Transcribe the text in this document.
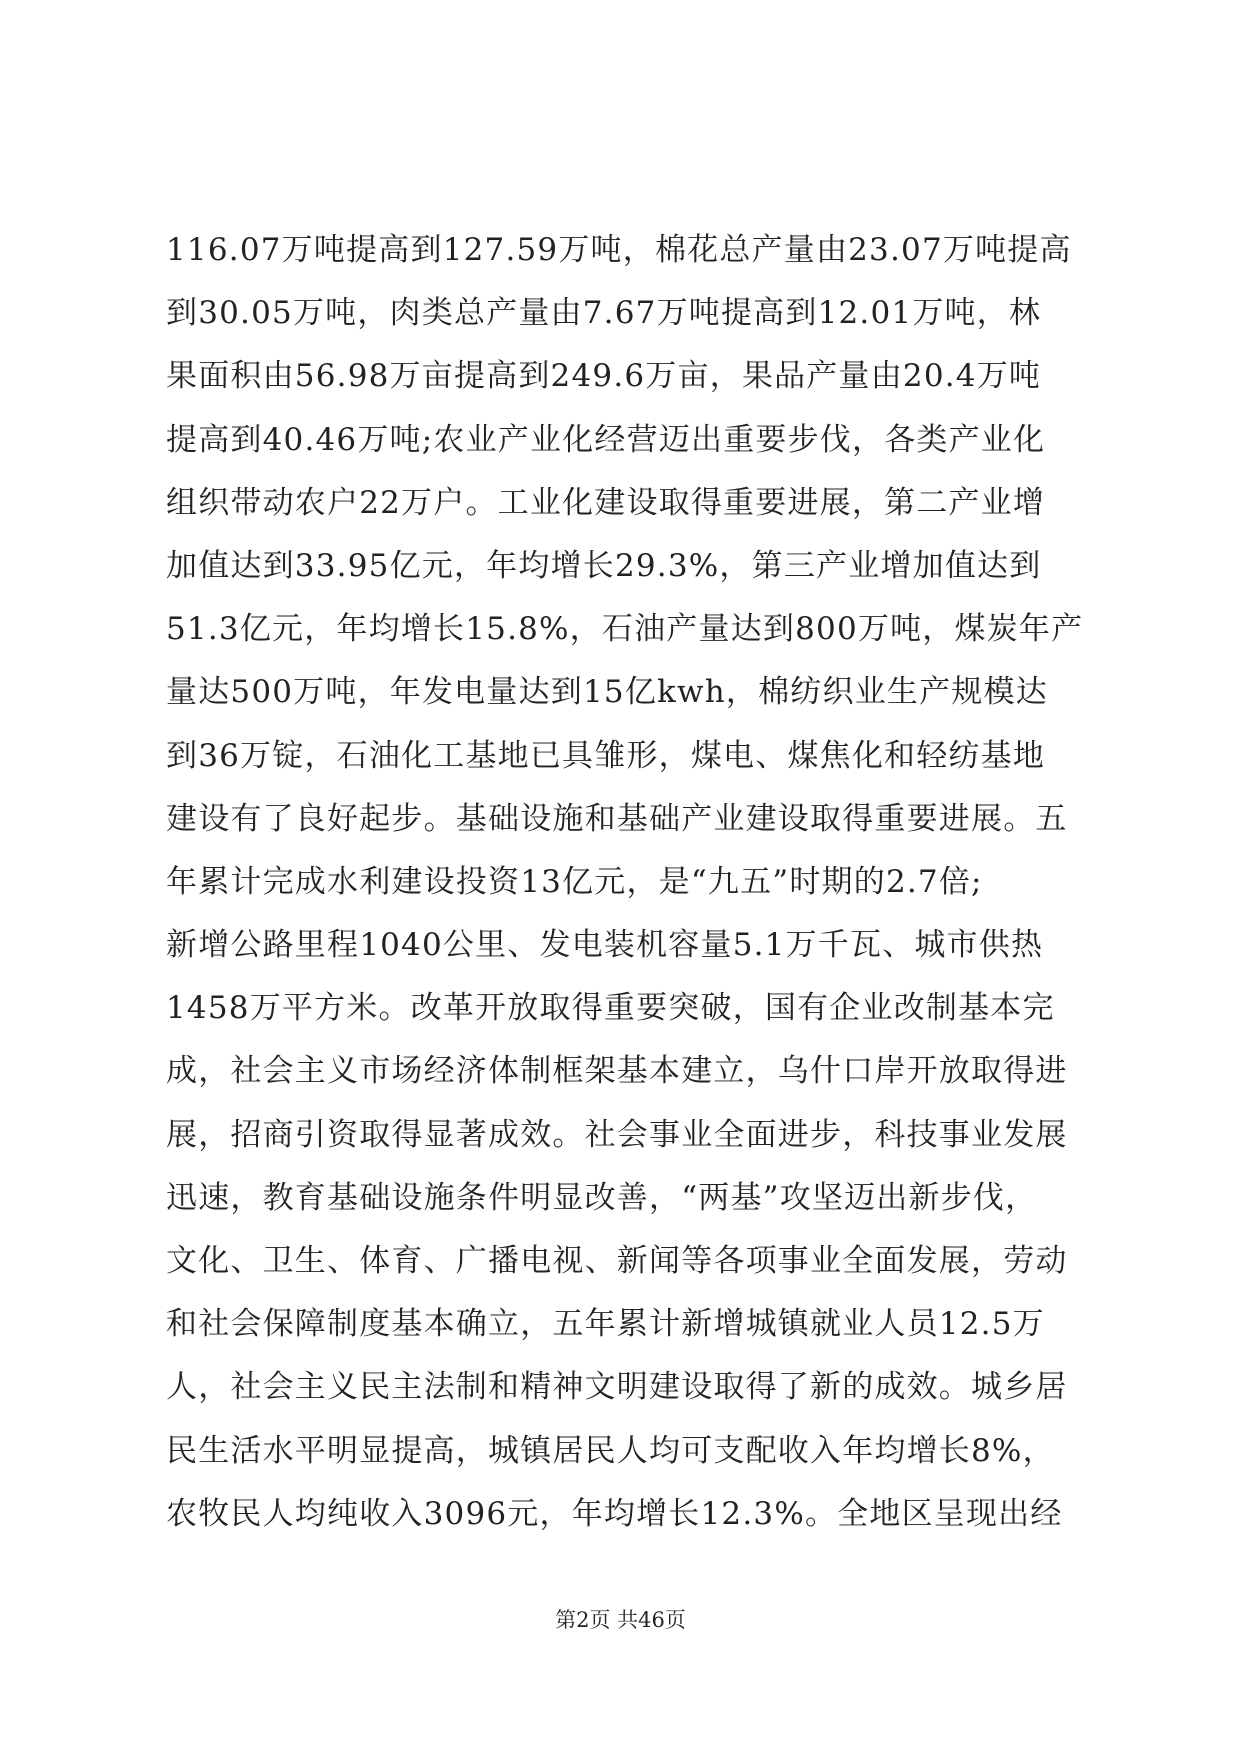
116.07万吨提高到127.59万吨，棉花总产量由23.07万吨提高
到30.05万吨，肉类总产量由7.67万吨提高到12.01万吨，林
果面积由56.98万亩提高到249.6万亩，果品产量由20.4万吨
提高到40.46万吨;农业产业化经营迈出重要步伐，各类产业化
组织带动农户22万户。工业化建设取得重要进展，第二产业增
加值达到33.95亿元，年均增长29.3%，第三产业增加值达到
51.3亿元，年均增长15.8%，石油产量达到800万吨，煤炭年产
量达500万吨，年发电量达到15亿kwh，棉纺织业生产规模达
到36万锭，石油化工基地已具雏形，煤电、煤焦化和轻纺基地
建设有了良好起步。基础设施和基础产业建设取得重要进展。五
年累计完成水利建设投资13亿元，是“九五”时期的2.7倍;
新增公路里程1040公里、发电装机容量5.1万千瓦、城市供热
1458万平方米。改革开放取得重要突破，国有企业改制基本完
成，社会主义市场经济体制框架基本建立，乌什口岸开放取得进
展，招商引资取得显著成效。社会事业全面进步，科技事业发展
迅速，教育基础设施条件明显改善，“两基”攻坚迈出新步伐，
文化、卫生、体育、广播电视、新闻等各项事业全面发展，劳动
和社会保障制度基本确立，五年累计新增城镇就业人员12.5万
人，社会主义民主法制和精神文明建设取得了新的成效。城乡居
民生活水平明显提高，城镇居民人均可支配收入年均增长8%，
农牧民人均纯收入3096元，年均增长12.3%。全地区呈现出经
第2页 共46页
